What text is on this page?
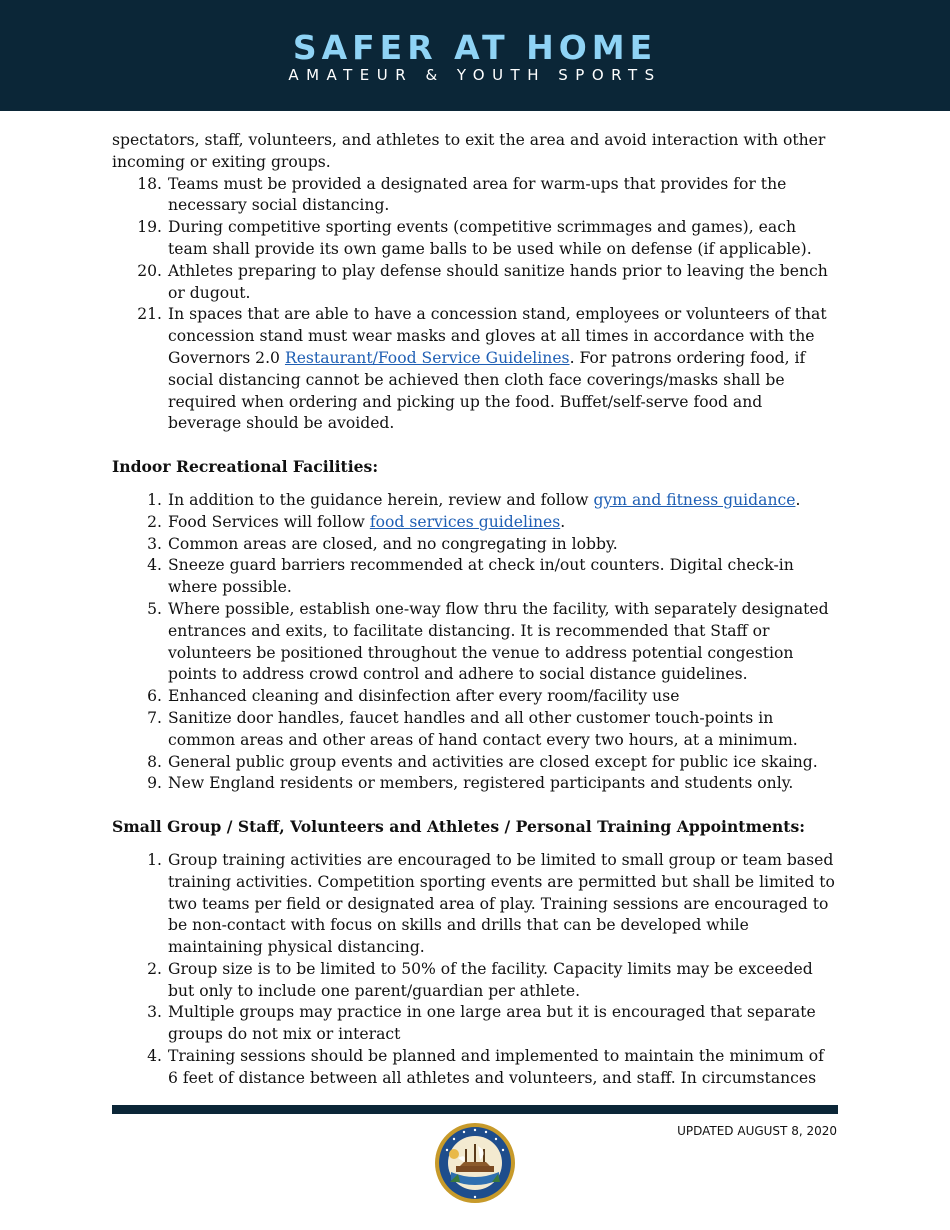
SAFER AT HOME
AMATEUR & YOUTH SPORTS

spectators, staff, volunteers, and athletes to exit the area and avoid interaction with other incoming or exiting groups.

18. Teams must be provided a designated area for warm-ups that provides for the necessary social distancing.
19. During competitive sporting events (competitive scrimmages and games), each team shall provide its own game balls to be used while on defense (if applicable).
20. Athletes preparing to play defense should sanitize hands prior to leaving the bench or dugout.
21. In spaces that are able to have a concession stand, employees or volunteers of that concession stand must wear masks and gloves at all times in accordance with the Governors 2.0 Restaurant/Food Service Guidelines. For patrons ordering food, if social distancing cannot be achieved then cloth face coverings/masks shall be required when ordering and picking up the food. Buffet/self-serve food and beverage should be avoided.

Indoor Recreational Facilities:

1. In addition to the guidance herein, review and follow gym and fitness guidance.
2. Food Services will follow food services guidelines.
3. Common areas are closed, and no congregating in lobby.
4. Sneeze guard barriers recommended at check in/out counters. Digital check-in where possible.
5. Where possible, establish one-way flow thru the facility, with separately designated entrances and exits, to facilitate distancing. It is recommended that Staff or volunteers be positioned throughout the venue to address potential congestion points to address crowd control and adhere to social distance guidelines.
6. Enhanced cleaning and disinfection after every room/facility use
7. Sanitize door handles, faucet handles and all other customer touch-points in common areas and other areas of hand contact every two hours, at a minimum.
8. General public group events and activities are closed except for public ice skaing.
9. New England residents or members, registered participants and students only.

Small Group / Staff, Volunteers and Athletes / Personal Training Appointments:

1. Group training activities are encouraged to be limited to small group or team based training activities. Competition sporting events are permitted but shall be limited to two teams per field or designated area of play. Training sessions are encouraged to be non-contact with focus on skills and drills that can be developed while maintaining physical distancing.
2. Group size is to be limited to 50% of the facility. Capacity limits may be exceeded but only to include one parent/guardian per athlete.
3. Multiple groups may practice in one large area but it is encouraged that separate groups do not mix or interact
4. Training sessions should be planned and implemented to maintain the minimum of 6 feet of distance between all athletes and volunteers, and staff. In circumstances
UPDATED AUGUST 8, 2020
